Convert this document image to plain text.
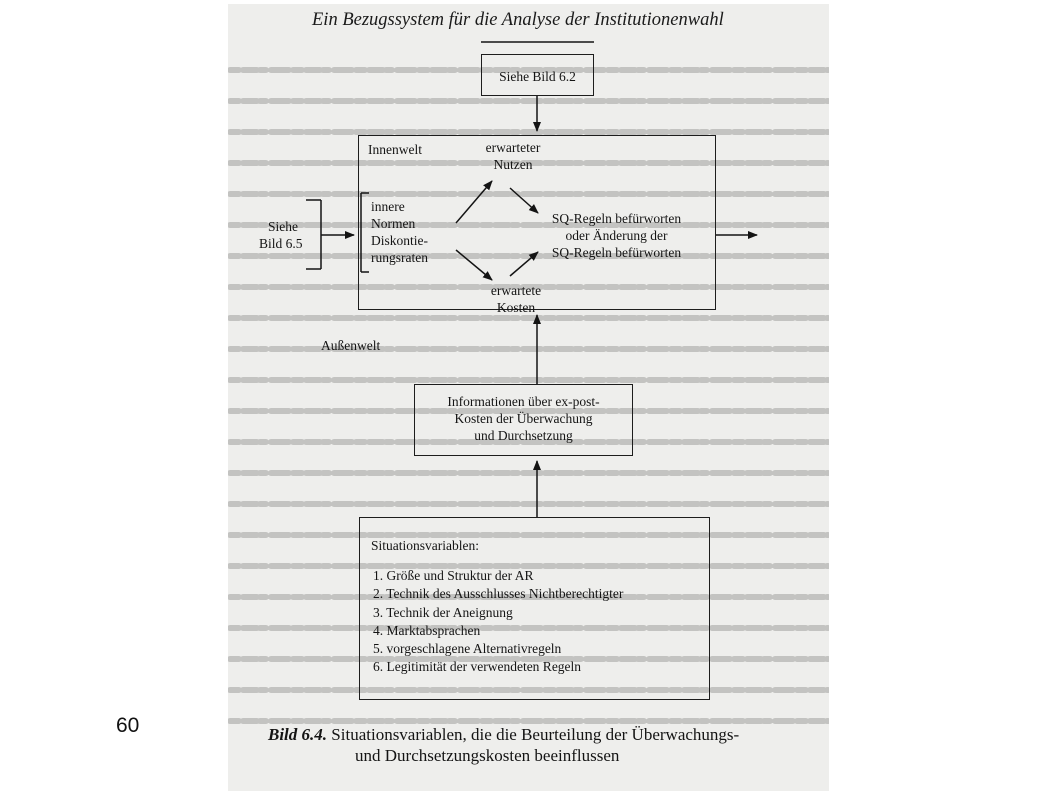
60
Ein Bezugssystem für die Analyse der Institutionenwahl
Siehe Bild 6.2
Innenwelt	erwarteter
Nutzen
innere
Normen
Diskontie-
rungsraten
SQ-Regeln befürworten
oder Änderung der
SQ-Regeln befürworten
erwartete
Kosten
Siehe
Bild 6.5
Außenwelt
Informationen über ex-post-
Kosten der Überwachung
und Durchsetzung
Situationsvariablen:
1. Größe und Struktur der AR
2. Technik des Ausschlusses Nichtberechtigter
3. Technik der Aneignung
4. Marktabsprachen
5. vorgeschlagene Alternativregeln
6. Legitimität der verwendeten Regeln
Bild 6.4. Situationsvariablen, die die Beurteilung der Überwachungs-
und Durchsetzungskosten beeinflussen
